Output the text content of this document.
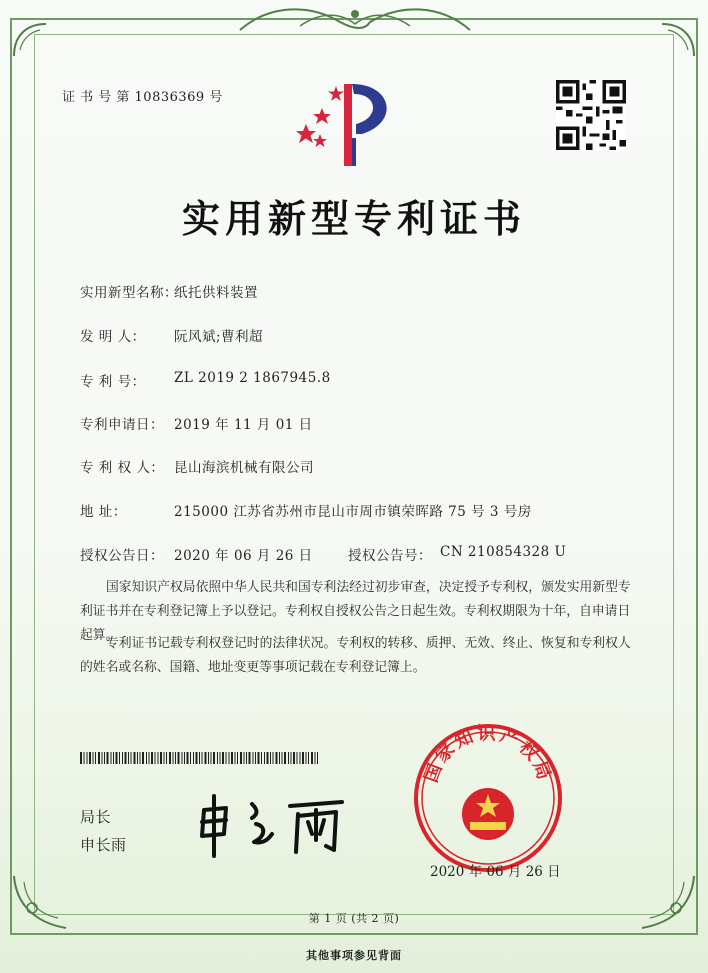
证 书 号 第 10836369 号
实用新型专利证书
实用新型名称：
纸托供料装置
发 明 人： 阮风斌;曹利超
专 利 号： ZL 2019 2 1867945.8
专利申请日： 2019 年 11 月 01 日
专 利 权 人： 昆山海滨机械有限公司
地 址：	215000 江苏省苏州市昆山市周市镇荣晖路 75 号 3 号房
授权公告日： 2020 年 06 月 26 日	授权公告号： CN 210854328 U
国家知识产权局依照中华人民共和国专利法经过初步审查，决定授予专利权，颁发实用新型专利证书并在专利登记簿上予以登记。专利权自授权公告之日起生效。专利权期限为十年，自申请日起算。
专利证书记载专利权登记时的法律状况。专利权的转移、质押、无效、终止、恢复和专利权人的姓名或名称、国籍、地址变更等事项记载在专利登记簿上。
局长
申长雨
国家知识产权局
2020 年 06 月 26 日
第 1 页 (共 2 页)
其他事项参见背面
